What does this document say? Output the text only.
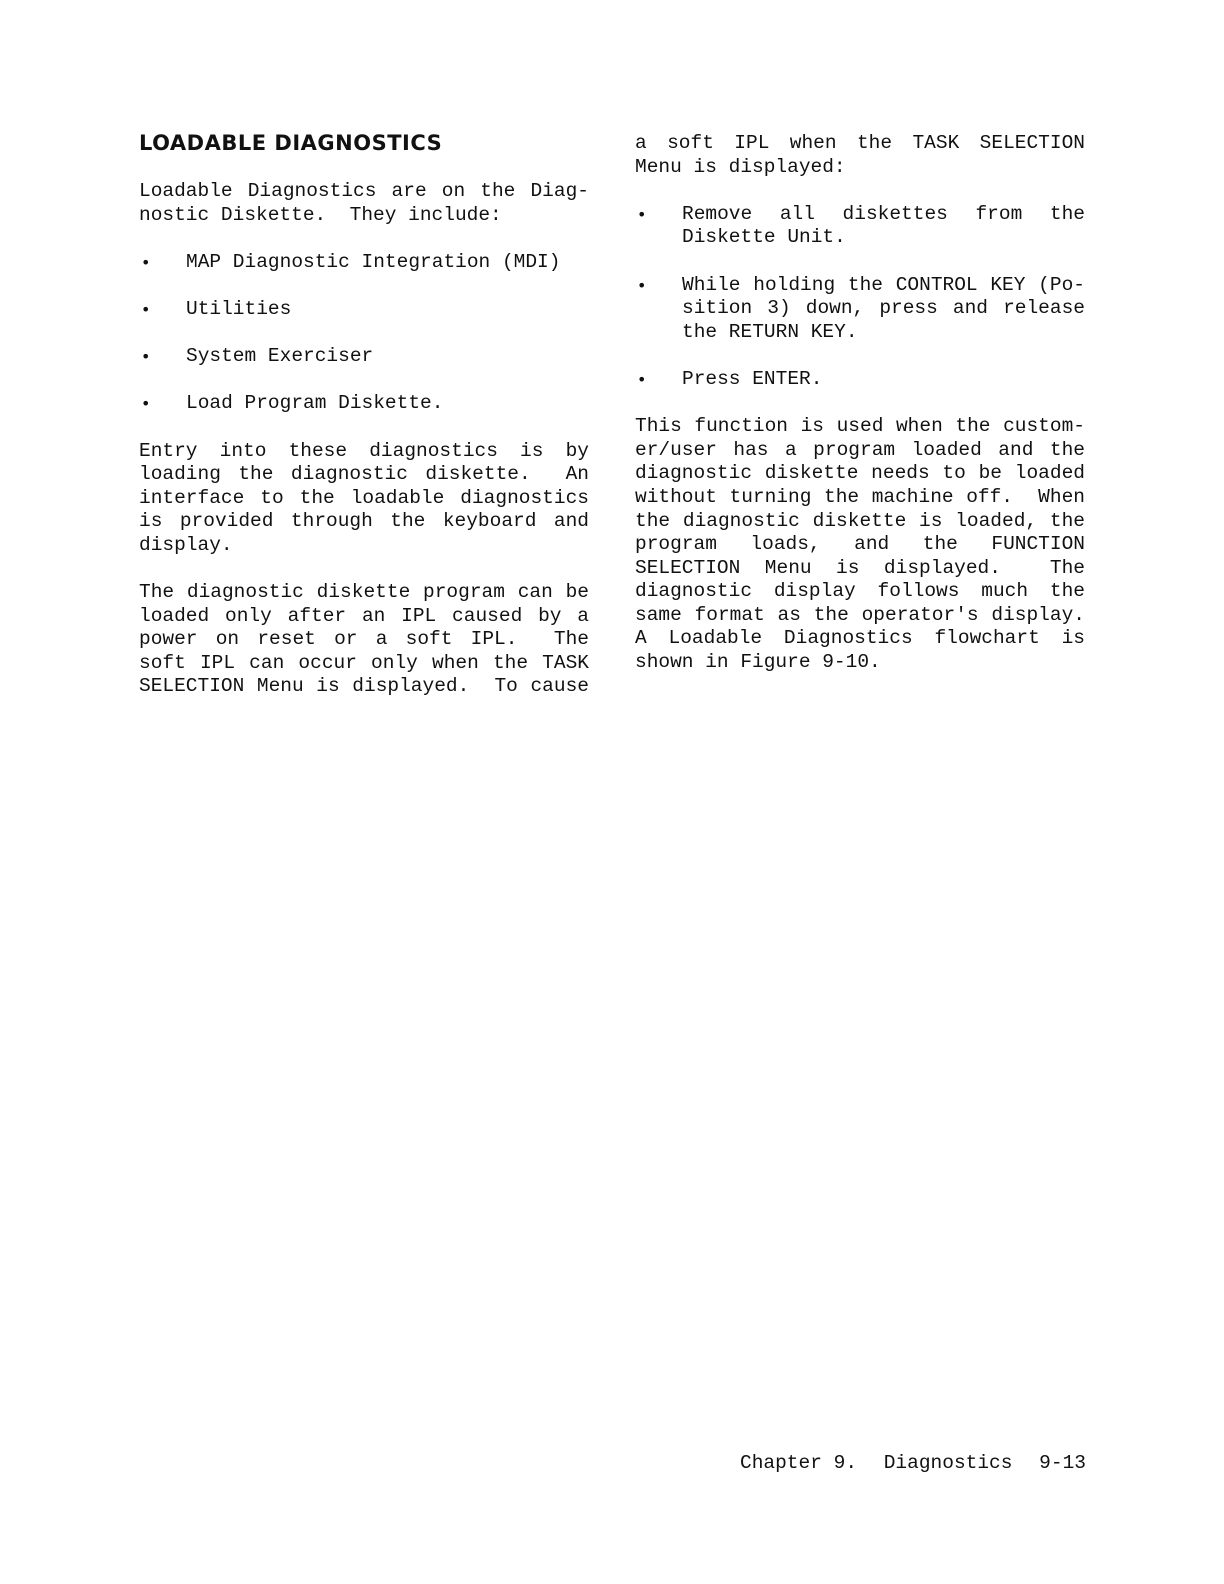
LOADABLE DIAGNOSTICS

Loadable Diagnostics are on the Diag-
nostic Diskette.  They include:

•	MAP Diagnostic Integration (MDI)
•	Utilities
•	System Exerciser
•	Load Program Diskette.

Entry into these diagnostics is by
loading the diagnostic diskette.  An
interface to the loadable diagnostics
is provided through the keyboard and
display.

The diagnostic diskette program can be
loaded only after an IPL caused by a
power on reset or a soft IPL.  The
soft IPL can occur only when the TASK
SELECTION Menu is displayed.  To cause

a soft IPL when the TASK SELECTION
Menu is displayed:

•	Remove all diskettes from the
Diskette Unit.
•	While holding the CONTROL KEY (Po-
sition 3) down, press and release
the RETURN KEY.
•	Press ENTER.

This function is used when the custom-
er/user has a program loaded and the
diagnostic diskette needs to be loaded
without turning the machine off.  When
the diagnostic diskette is loaded, the
program loads, and the FUNCTION
SELECTION Menu is displayed.  The
diagnostic display follows much the
same format as the operator's display.
A Loadable Diagnostics flowchart is
shown in Figure 9-10.

Chapter 9. Diagnostics 9-13
